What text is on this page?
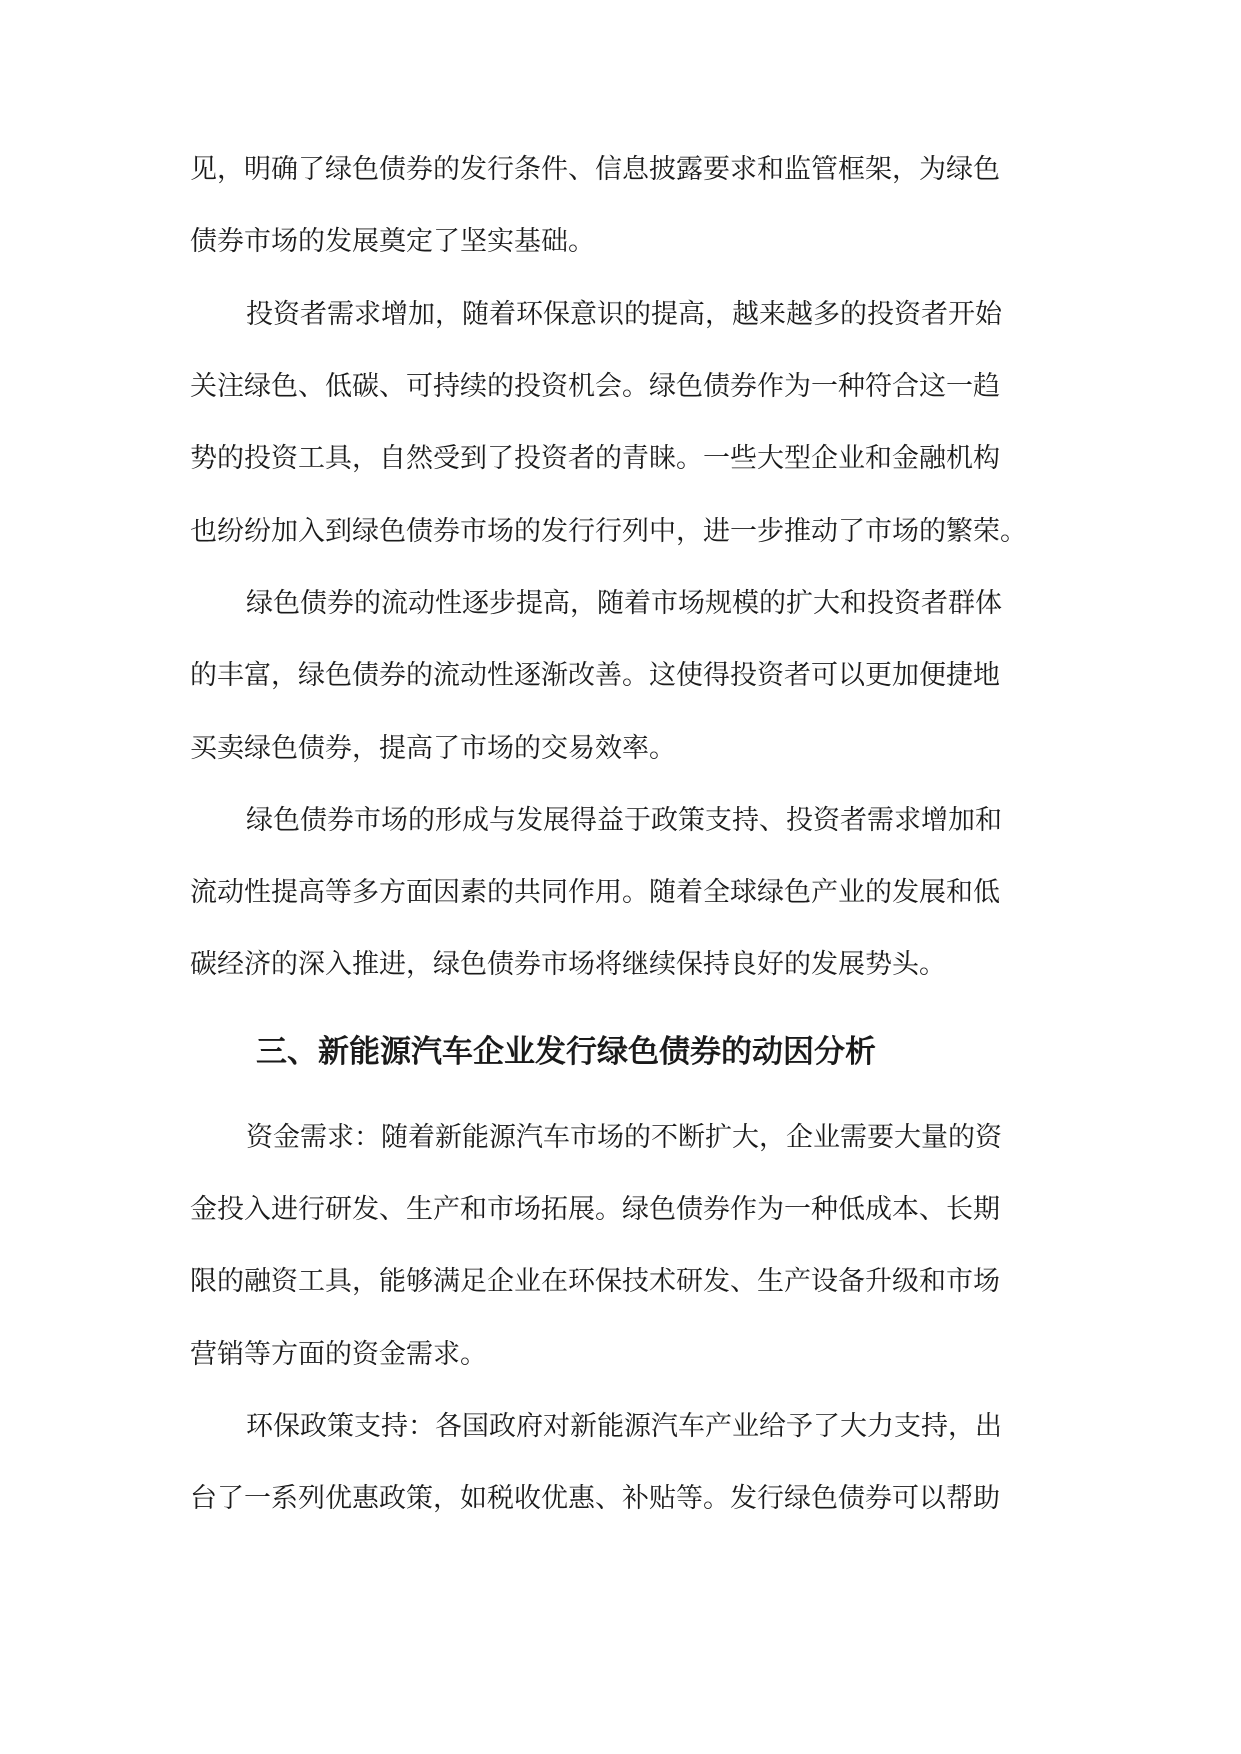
见，明确了绿色债券的发行条件、信息披露要求和监管框架，为绿色
债券市场的发展奠定了坚实基础。
投资者需求增加，随着环保意识的提高，越来越多的投资者开始
关注绿色、低碳、可持续的投资机会。绿色债券作为一种符合这一趋
势的投资工具，自然受到了投资者的青睐。一些大型企业和金融机构
也纷纷加入到绿色债券市场的发行行列中，进一步推动了市场的繁荣。
绿色债券的流动性逐步提高，随着市场规模的扩大和投资者群体
的丰富，绿色债券的流动性逐渐改善。这使得投资者可以更加便捷地
买卖绿色债券，提高了市场的交易效率。
绿色债券市场的形成与发展得益于政策支持、投资者需求增加和
流动性提高等多方面因素的共同作用。随着全球绿色产业的发展和低
碳经济的深入推进，绿色债券市场将继续保持良好的发展势头。
三、新能源汽车企业发行绿色债券的动因分析
资金需求：随着新能源汽车市场的不断扩大，企业需要大量的资
金投入进行研发、生产和市场拓展。绿色债券作为一种低成本、长期
限的融资工具，能够满足企业在环保技术研发、生产设备升级和市场
营销等方面的资金需求。
环保政策支持：各国政府对新能源汽车产业给予了大力支持，出
台了一系列优惠政策，如税收优惠、补贴等。发行绿色债券可以帮助
